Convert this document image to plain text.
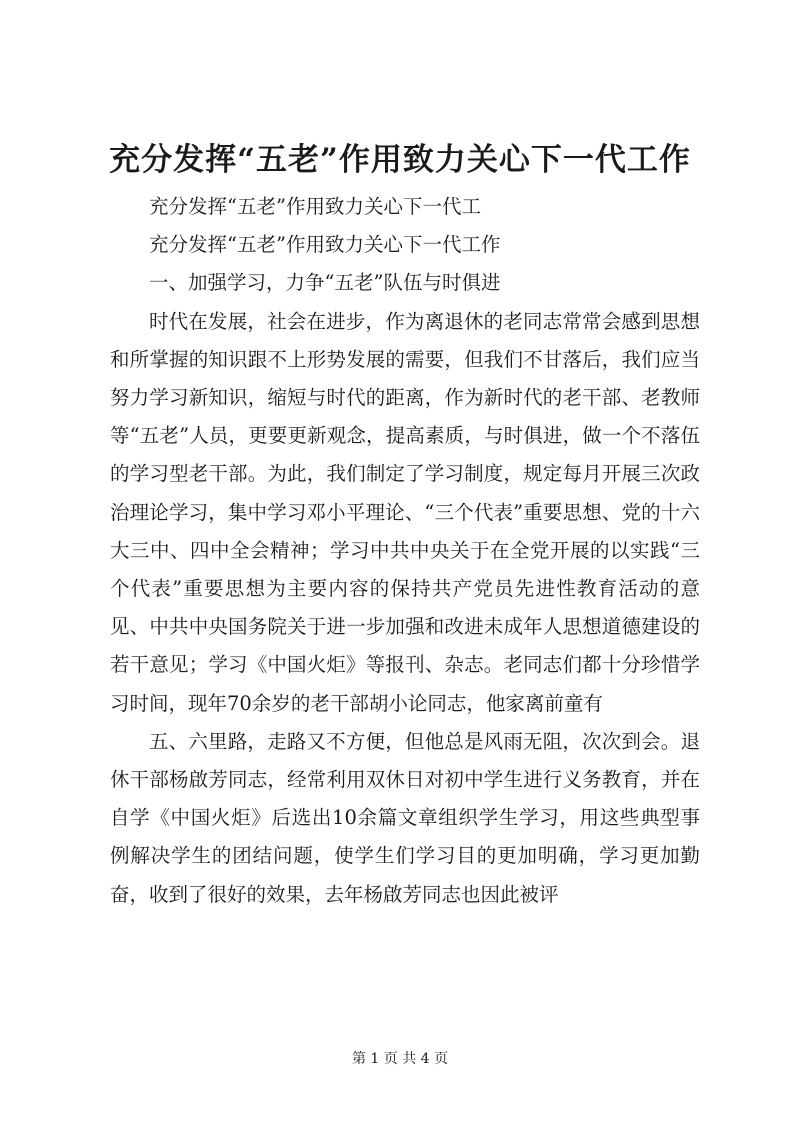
充分发挥“五老”作用致力关心下一代工作

充分发挥“五老”作用致力关心下一代工

充分发挥“五老”作用致力关心下一代工作

一、加强学习，力争“五老”队伍与时俱进

时代在发展，社会在进步，作为离退休的老同志常常会感到思想和所掌握的知识跟不上形势发展的需要，但我们不甘落后，我们应当努力学习新知识，缩短与时代的距离，作为新时代的老干部、老教师等“五老”人员，更要更新观念，提高素质，与时俱进，做一个不落伍的学习型老干部。为此，我们制定了学习制度，规定每月开展三次政治理论学习，集中学习邓小平理论、“三个代表”重要思想、党的十六大三中、四中全会精神；学习中共中央关于在全党开展的以实践“三个代表”重要思想为主要内容的保持共产党员先进性教育活动的意见、中共中央国务院关于进一步加强和改进未成年人思想道德建设的若干意见；学习《中国火炬》等报刊、杂志。老同志们都十分珍惜学习时间，现年70余岁的老干部胡小论同志，他家离前童有

五、六里路，走路又不方便，但他总是风雨无阻，次次到会。退休干部杨啟芳同志，经常利用双休日对初中学生进行义务教育，并在自学《中国火炬》后选出10余篇文章组织学生学习，用这些典型事例解决学生的团结问题，使学生们学习目的更加明确，学习更加勤奋，收到了很好的效果，去年杨啟芳同志也因此被评

第 1 页 共 4 页
